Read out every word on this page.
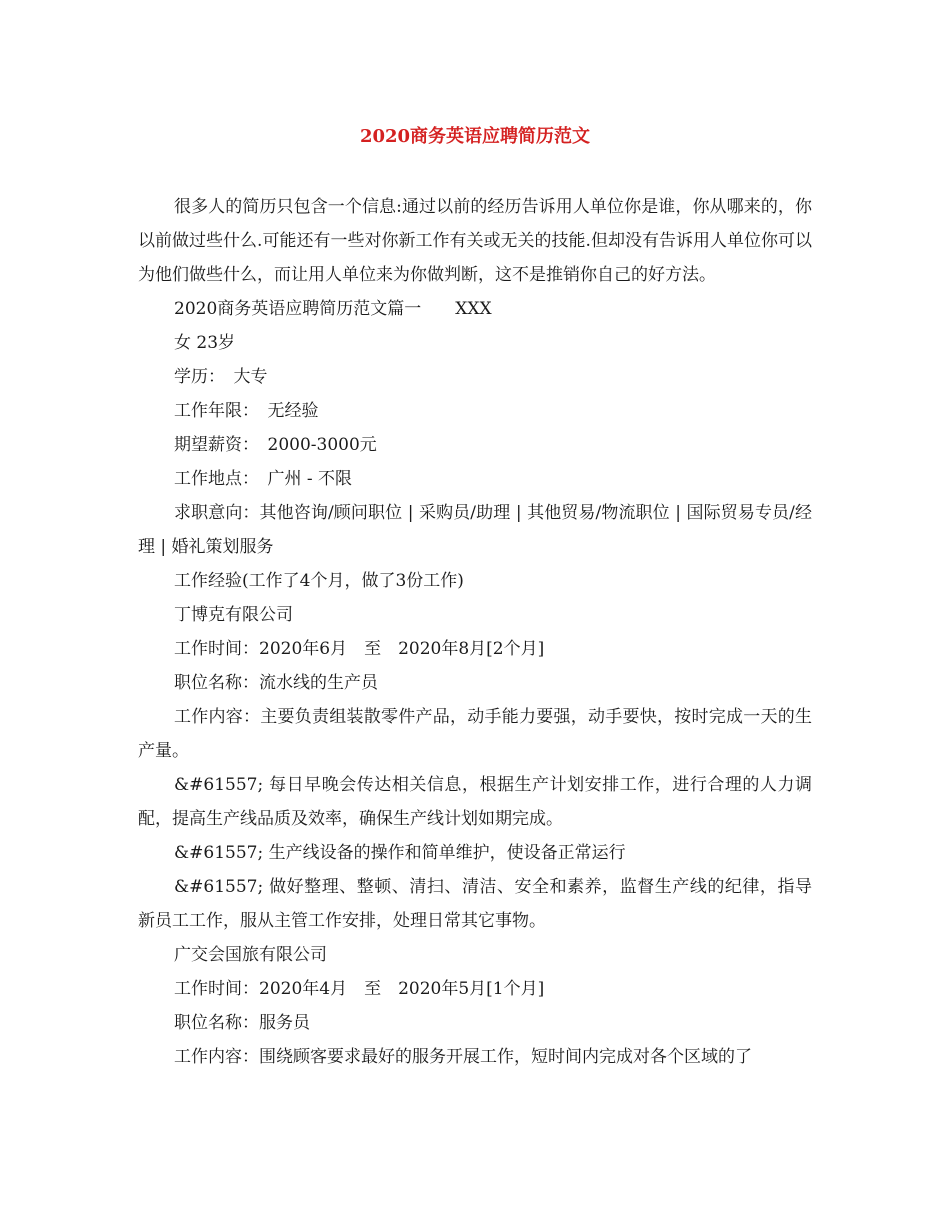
2020商务英语应聘简历范文

很多人的简历只包含一个信息:通过以前的经历告诉用人单位你是谁，你从哪来的，你以前做过些什么.可能还有一些对你新工作有关或无关的技能.但却没有告诉用人单位你可以为他们做些什么，而让用人单位来为你做判断，这不是推销你自己的好方法。

2020商务英语应聘简历范文篇一　　XXX

女 23岁

学历：　大专

工作年限：　无经验

期望薪资：　2000-3000元

工作地点：　广州 - 不限

求职意向：其他咨询/顾问职位 | 采购员/助理 | 其他贸易/物流职位 | 国际贸易专员/经理 | 婚礼策划服务

工作经验(工作了4个月，做了3份工作)

丁博克有限公司

工作时间：2020年6月　至　2020年8月[2个月]

职位名称：流水线的生产员

工作内容：主要负责组装散零件产品，动手能力要强，动手要快，按时完成一天的生产量。

&#61557; 每日早晚会传达相关信息，根据生产计划安排工作，进行合理的人力调配，提高生产线品质及效率，确保生产线计划如期完成。

&#61557; 生产线设备的操作和简单维护，使设备正常运行

&#61557; 做好整理、整顿、清扫、清洁、安全和素养，监督生产线的纪律，指导新员工工作，服从主管工作安排，处理日常其它事物。

广交会国旅有限公司

工作时间：2020年4月　至　2020年5月[1个月]

职位名称：服务员

工作内容：围绕顾客要求最好的服务开展工作，短时间内完成对各个区域的了
